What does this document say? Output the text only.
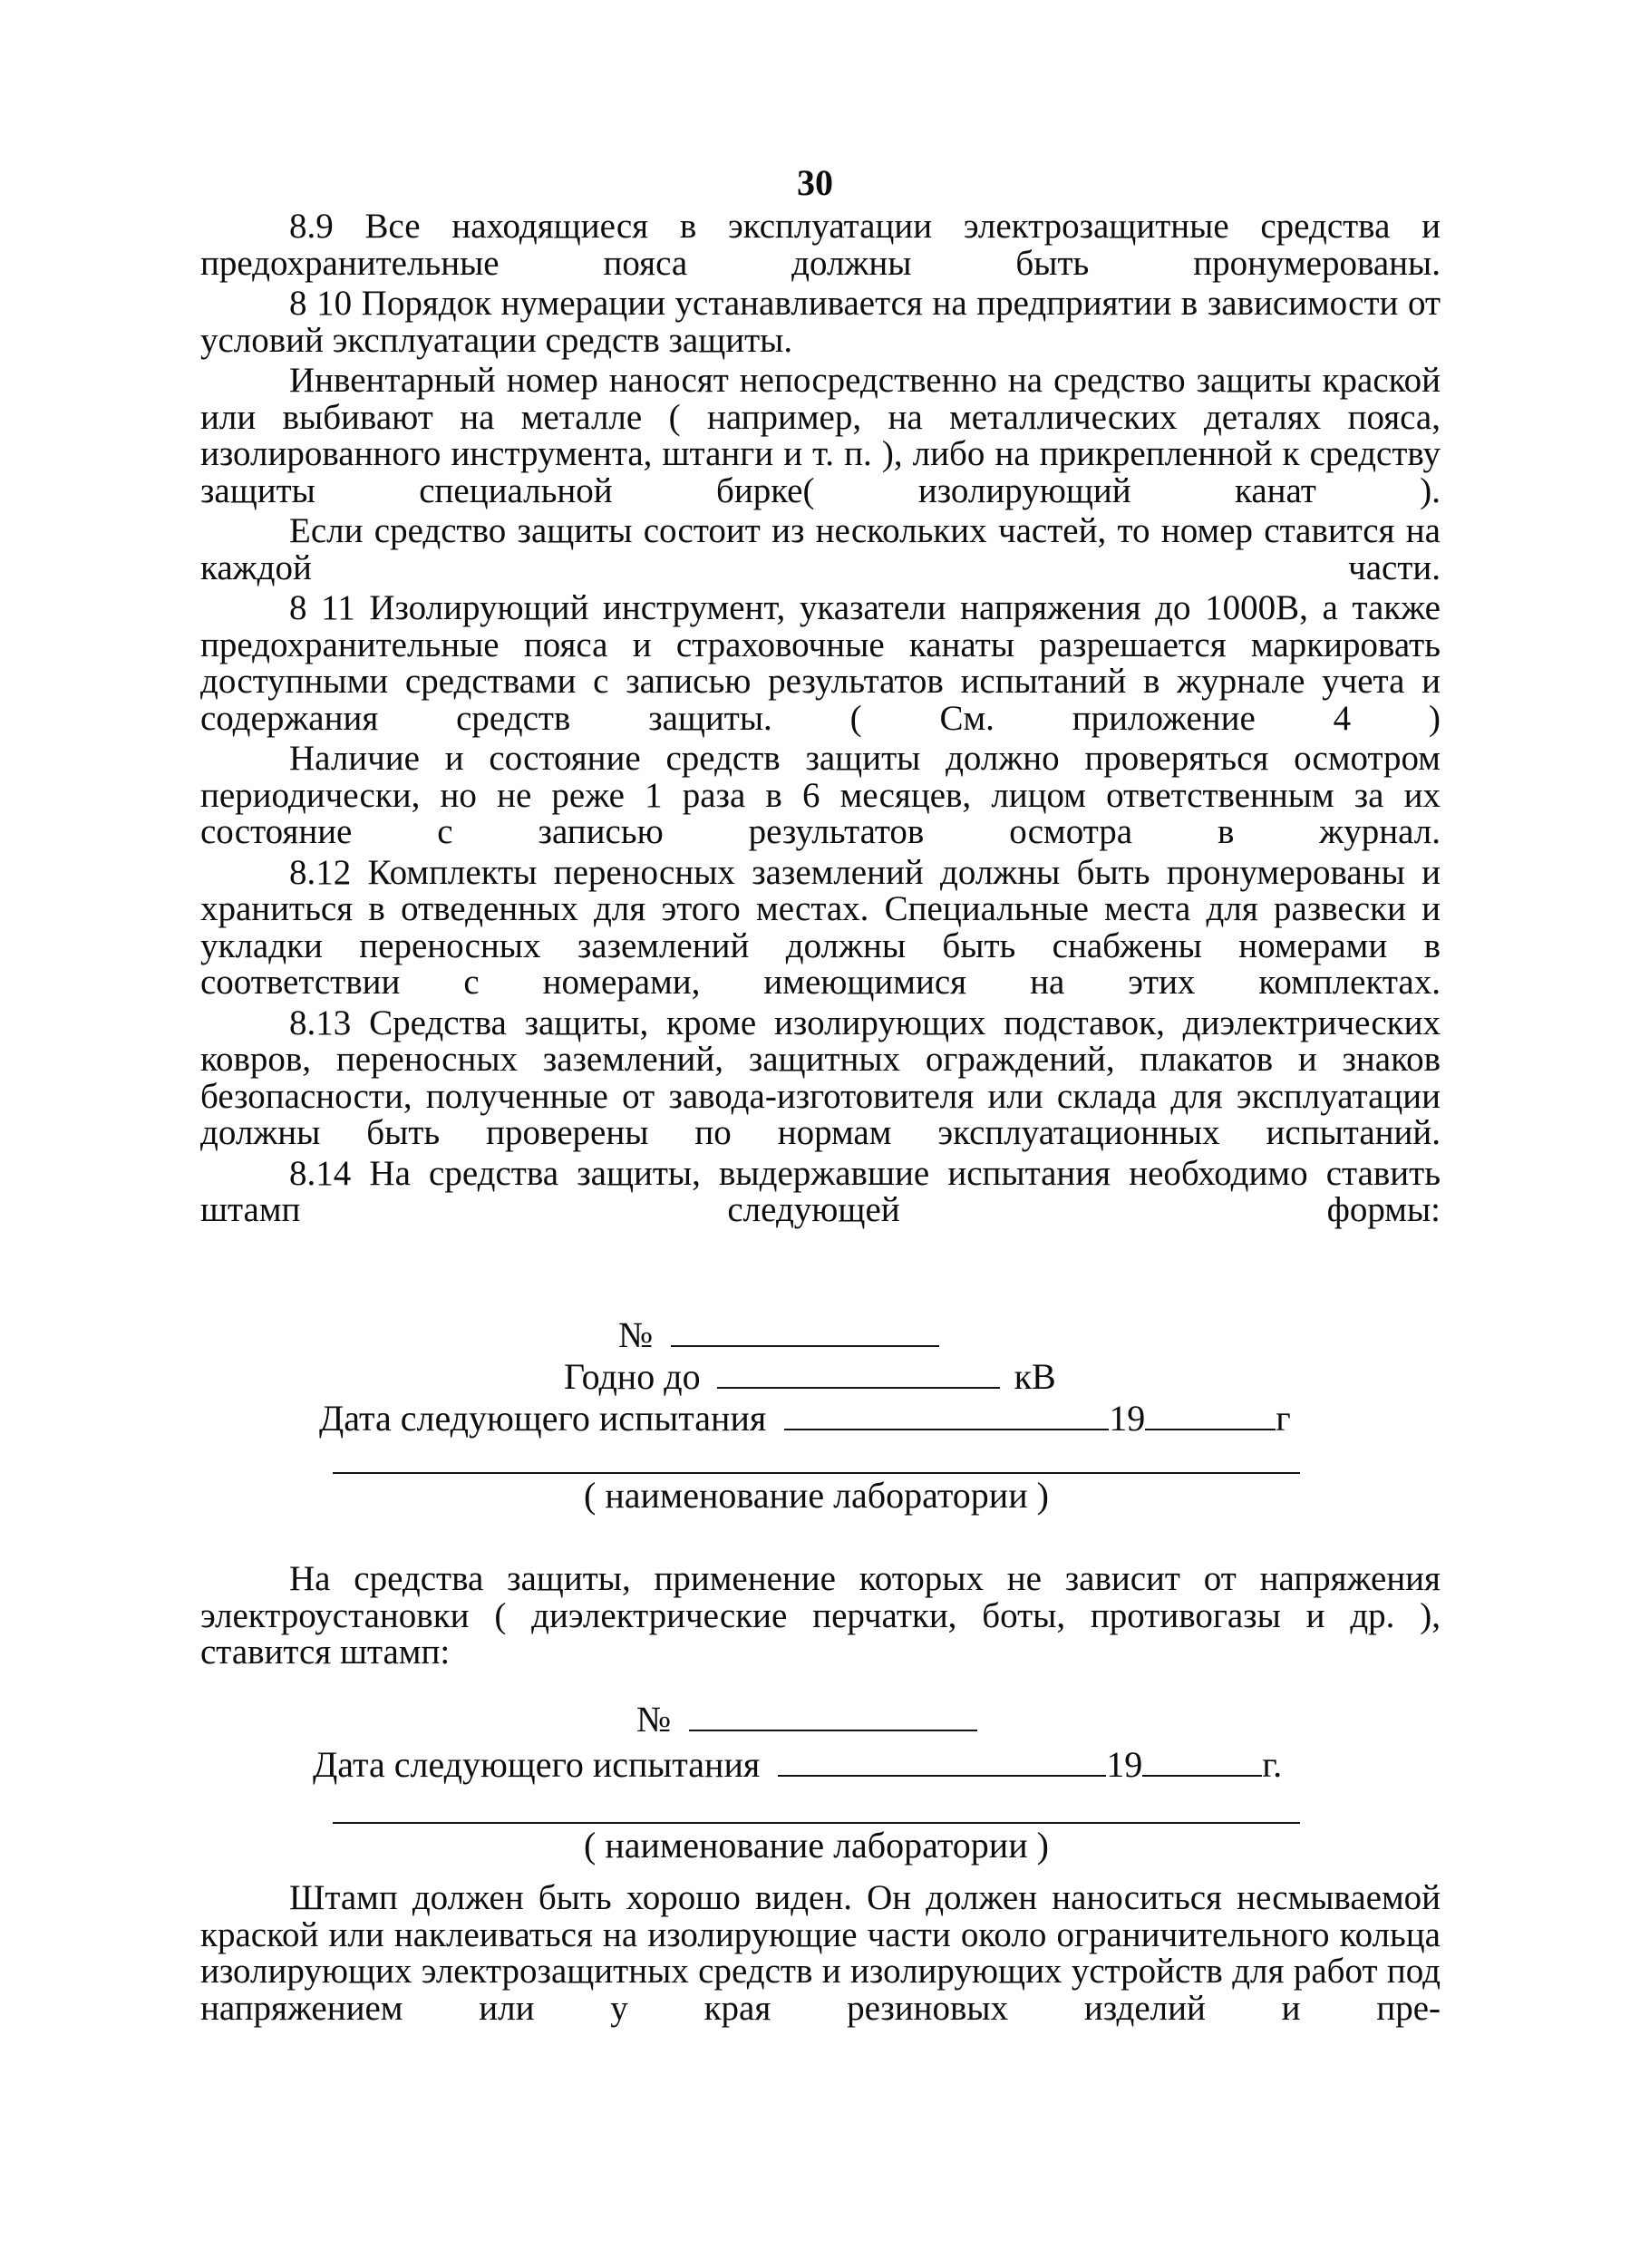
30

8.9 Все находящиеся в эксплуатации электрозащитные средства и предохранительные пояса должны быть пронумерованы.

8 10 Порядок нумерации устанавливается на предприятии в зависимости от условий эксплуатации средств защиты.

Инвентарный номер наносят непосредственно на средство защиты краской или выбивают на металле ( например, на металлических деталях пояса, изолированного инструмента, штанги и т. п. ), либо на прикрепленной к средству защиты специальной бирке( изолирующий канат ).

Если средство защиты состоит из нескольких частей, то номер ставится на каждой части.

8 11 Изолирующий инструмент, указатели напряжения до 1000В, а также предохранительные пояса и страховочные канаты разрешается маркировать доступными средствами с записью результатов испытаний в журнале учета и содержания средств защиты. ( См. приложение 4 )

Наличие и состояние средств защиты должно проверяться осмотром периодически, но не реже 1 раза в 6 месяцев, лицом ответственным за их состояние с записью результатов осмотра в журнал.

8.12 Комплекты переносных заземлений должны быть пронумерованы и храниться в отведенных для этого местах. Специальные места для развески и укладки переносных заземлений должны быть снабжены номерами в соответствии с номерами, имеющимися на этих комплектах.

8.13 Средства защиты, кроме изолирующих подставок, диэлектрических ковров, переносных заземлений, защитных ограждений, плакатов и знаков безопасности, полученные от завода-изготовителя или склада для эксплуатации должны быть проверены по нормам эксплуатационных испытаний.

8.14 На средства защиты, выдержавшие испытания необходимо ставить штамп следующей формы:

№
Годно до	кВ
Дата следующего испытания	19	г
( наименование лаборатории )

На средства защиты, применение которых не зависит от напряжения электроустановки ( диэлектрические перчатки, боты, противогазы и др. ), ставится штамп:

№
Дата следующего испытания	19	г.
( наименование лаборатории )

Штамп должен быть хорошо виден. Он должен наноситься несмываемой краской или наклеиваться на изолирующие части около ограничительного кольца изолирующих электрозащитных средств и изолирующих устройств для работ под напряжением или у края резиновых изделий и пре-
